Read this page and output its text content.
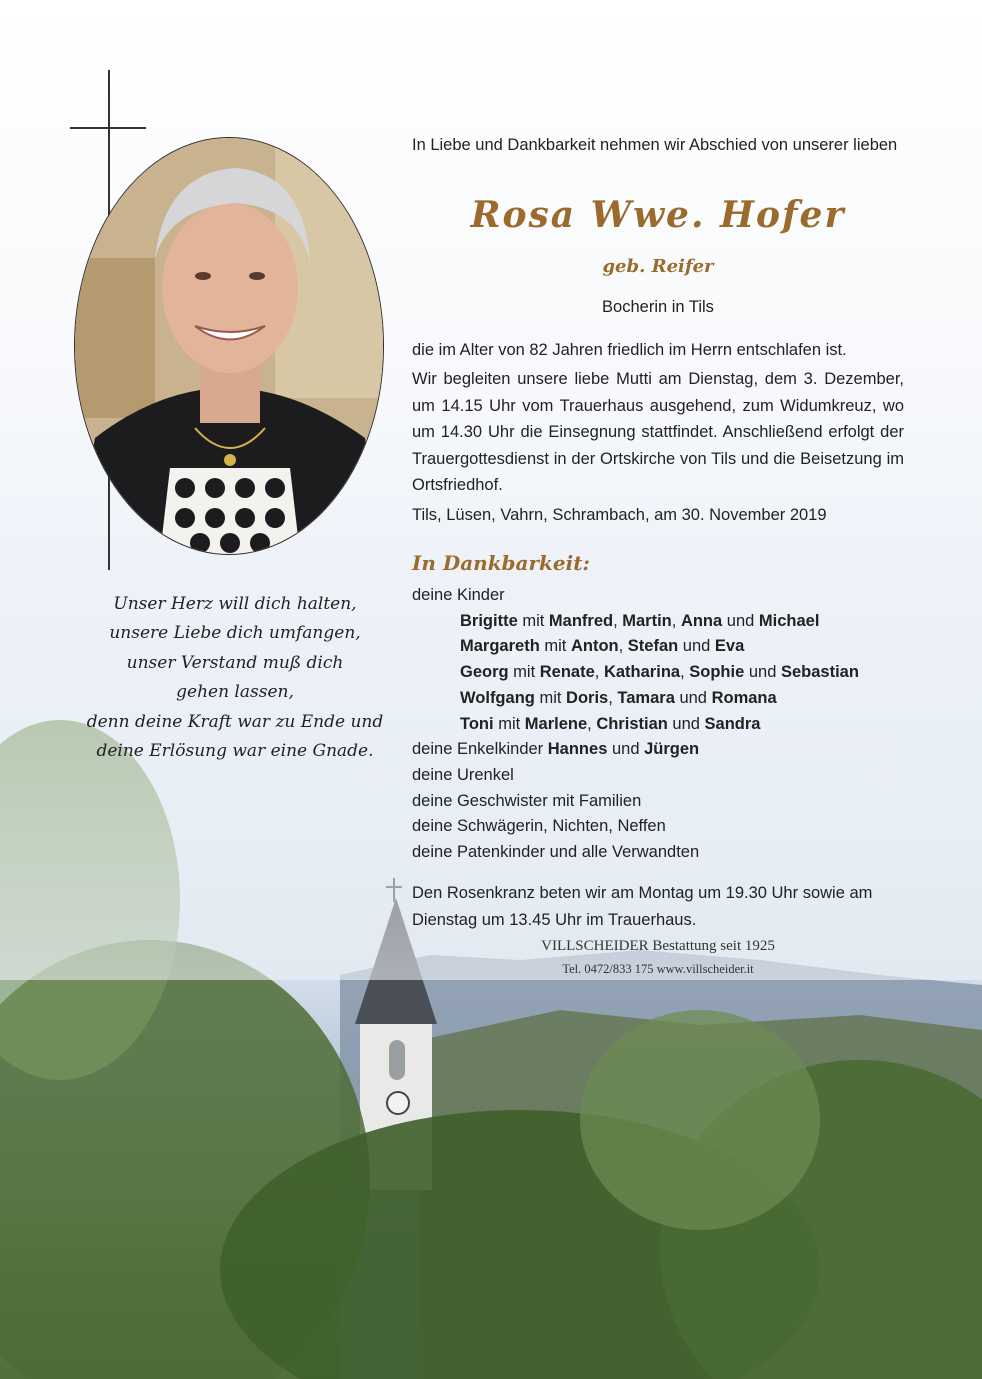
In Liebe und Dankbarkeit nehmen wir Abschied von unserer lieben
Rosa Wwe. Hofer
geb. Reifer
Bocherin in Tils
die im Alter von 82 Jahren friedlich im Herrn entschlafen ist.
Wir begleiten unsere liebe Mutti am Dienstag, dem 3. Dezember, um 14.15 Uhr vom Trauerhaus ausgehend, zum Widumkreuz, wo um 14.30 Uhr die Einsegnung stattfindet. Anschließend erfolgt der Trauergottesdienst in der Ortskirche von Tils und die Beisetzung im Ortsfriedhof.
Tils, Lüsen, Vahrn, Schrambach, am 30. November 2019
In Dankbarkeit:
deine Kinder
Brigitte mit Manfred, Martin, Anna und Michael
Margareth mit Anton, Stefan und Eva
Georg mit Renate, Katharina, Sophie und Sebastian
Wolfgang mit Doris, Tamara und Romana
Toni mit Marlene, Christian und Sandra
deine Enkelkinder Hannes und Jürgen
deine Urenkel
deine Geschwister mit Familien
deine Schwägerin, Nichten, Neffen
deine Patenkinder und alle Verwandten
Den Rosenkranz beten wir am Montag um 19.30 Uhr sowie am Dienstag um 13.45 Uhr im Trauerhaus.
Unser Herz will dich halten,
unsere Liebe dich umfangen,
unser Verstand muß dich
gehen lassen,
denn deine Kraft war zu Ende und
deine Erlösung war eine Gnade.
VILLSCHEIDER Bestattung seit 1925
Tel. 0472/833 175 www.villscheider.it
